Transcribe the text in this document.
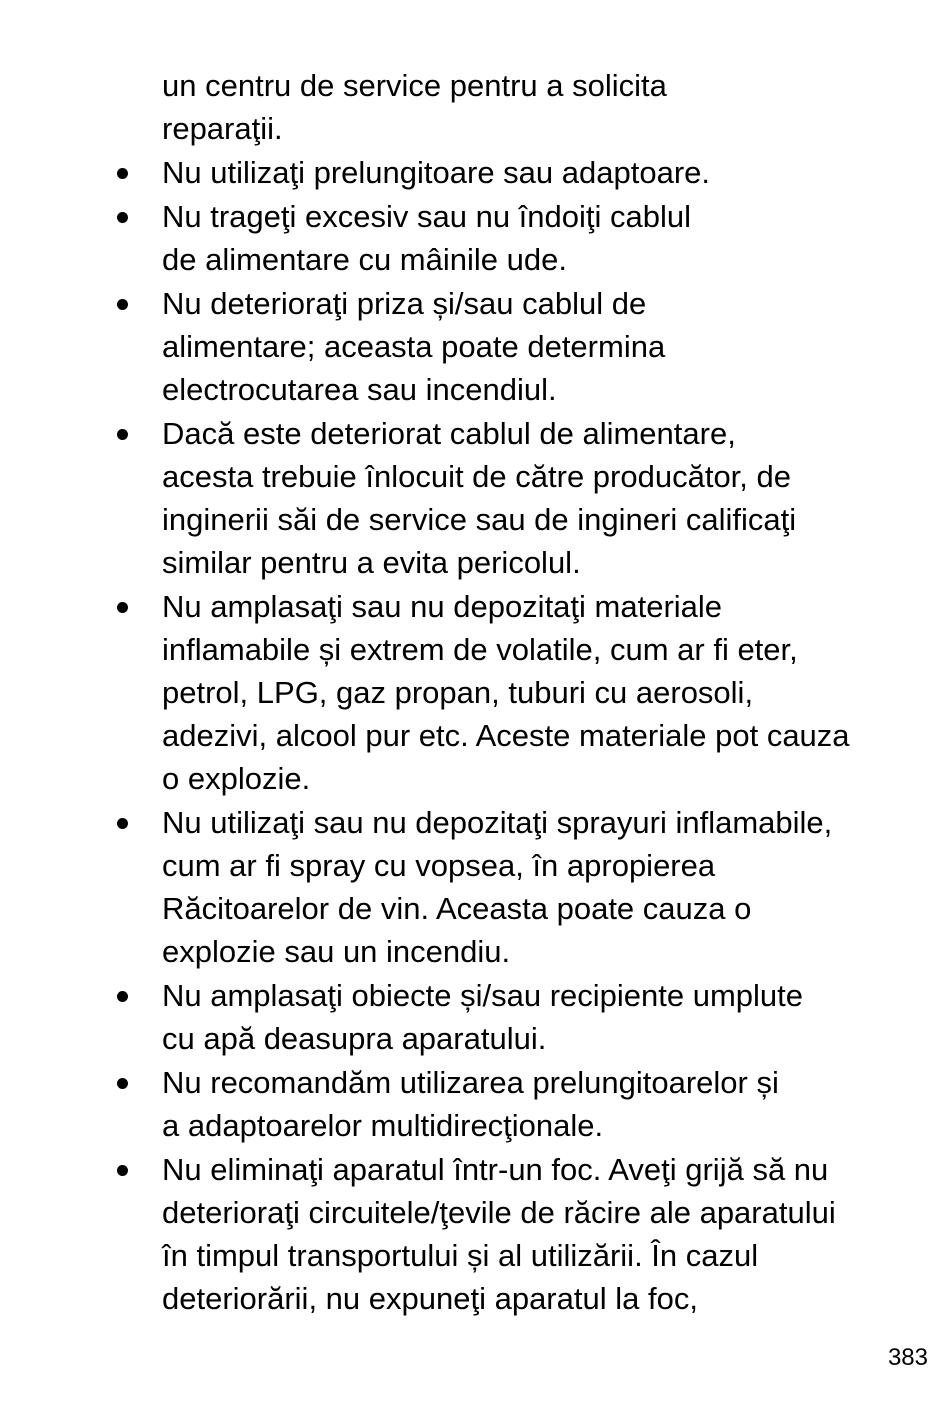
un centru de service pentru a solicita
reparaţii.
Nu utilizaţi prelungitoare sau adaptoare.
Nu trageţi excesiv sau nu îndoiţi cablul
de alimentare cu mâinile ude.
Nu deterioraţi priza și/sau cablul de
alimentare; aceasta poate determina
electrocutarea sau incendiul.
Dacă este deteriorat cablul de alimentare,
acesta trebuie înlocuit de către producător, de
inginerii săi de service sau de ingineri calificaţi
similar pentru a evita pericolul.
Nu amplasaţi sau nu depozitaţi materiale
inflamabile și extrem de volatile, cum ar fi eter,
petrol, LPG, gaz propan, tuburi cu aerosoli,
adezivi, alcool pur etc. Aceste materiale pot cauza
o explozie.
Nu utilizaţi sau nu depozitaţi sprayuri inflamabile,
cum ar fi spray cu vopsea, în apropierea
Răcitoarelor de vin. Aceasta poate cauza o
explozie sau un incendiu.
Nu amplasaţi obiecte și/sau recipiente umplute
cu apă deasupra aparatului.
Nu recomandăm utilizarea prelungitoarelor și
a adaptoarelor multidirecţionale.
Nu eliminaţi aparatul într-un foc. Aveţi grijă să nu
deterioraţi circuitele/ţevile de răcire ale aparatului
în timpul transportului și al utilizării. În cazul
deteriorării, nu expuneţi aparatul la foc,
383
